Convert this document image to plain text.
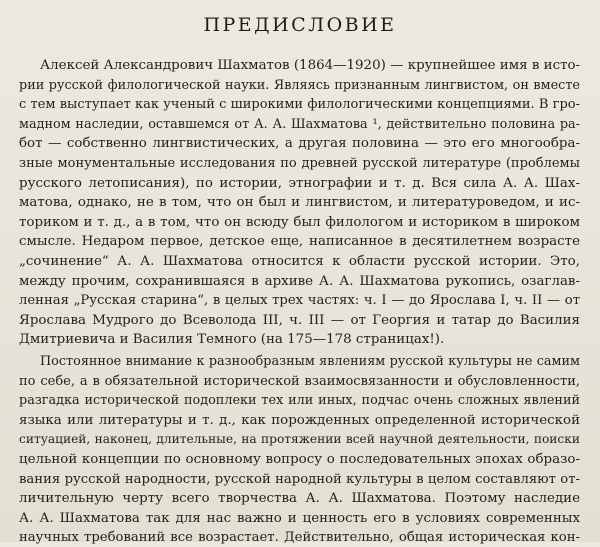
ПРЕДИСЛОВИЕ
Алексей Александрович Шахматов (1864—1920) — крупнейшее имя в исто-
рии русской филологической науки. Являясь признанным лингвистом, он вместе
с тем выступает как ученый с широкими филологическими концепциями. В гро-
мадном наследии, оставшемся от А. А. Шахматова ¹, действительно половина ра-
бот — собственно лингвистических, а другая половина — это его многообра-
зные монументальные исследования по древней русской литературе (проблемы
русского летописания), по истории, этнографии и т. д. Вся сила А. А. Шах-
матова, однако, не в том, что он был и лингвистом, и литературоведом, и ис-
ториком и т. д., а в том, что он всюду был филологом и историком в широком
смысле. Недаром первое, детское еще, написанное в десятилетнем возрасте
„сочинение“ А. А. Шахматова относится к области русской истории. Это,
между прочим, сохранившаяся в архиве А. А. Шахматова рукопись, озаглав-
ленная „Русская старина“, в целых трех частях: ч. I — до Ярослава I, ч. II — от
Ярослава Мудрого до Всеволода III, ч. III — от Георгия и татар до Василия
Дмитриевича и Василия Темного (на 175—178 страницах!).
Постоянное внимание к разнообразным явлениям русской культуры не самим
по себе, а в обязательной исторической взаимосвязанности и обусловленности,
разгадка исторической подоплеки тех или иных, подчас очень сложных явлений
языка или литературы и т. д., как порожденных определенной исторической
ситуацией, наконец, длительные, на протяжении всей научной деятельности, поиски
цельной концепции по основному вопросу о последовательных эпохах образо-
вания русской народности, русской народной культуры в целом составляют от-
личительную черту всего творчества А. А. Шахматова. Поэтому наследие
А. А. Шахматова так для нас важно и ценность его в условиях современных
научных требований все возрастает. Действительно, общая историческая кон-
